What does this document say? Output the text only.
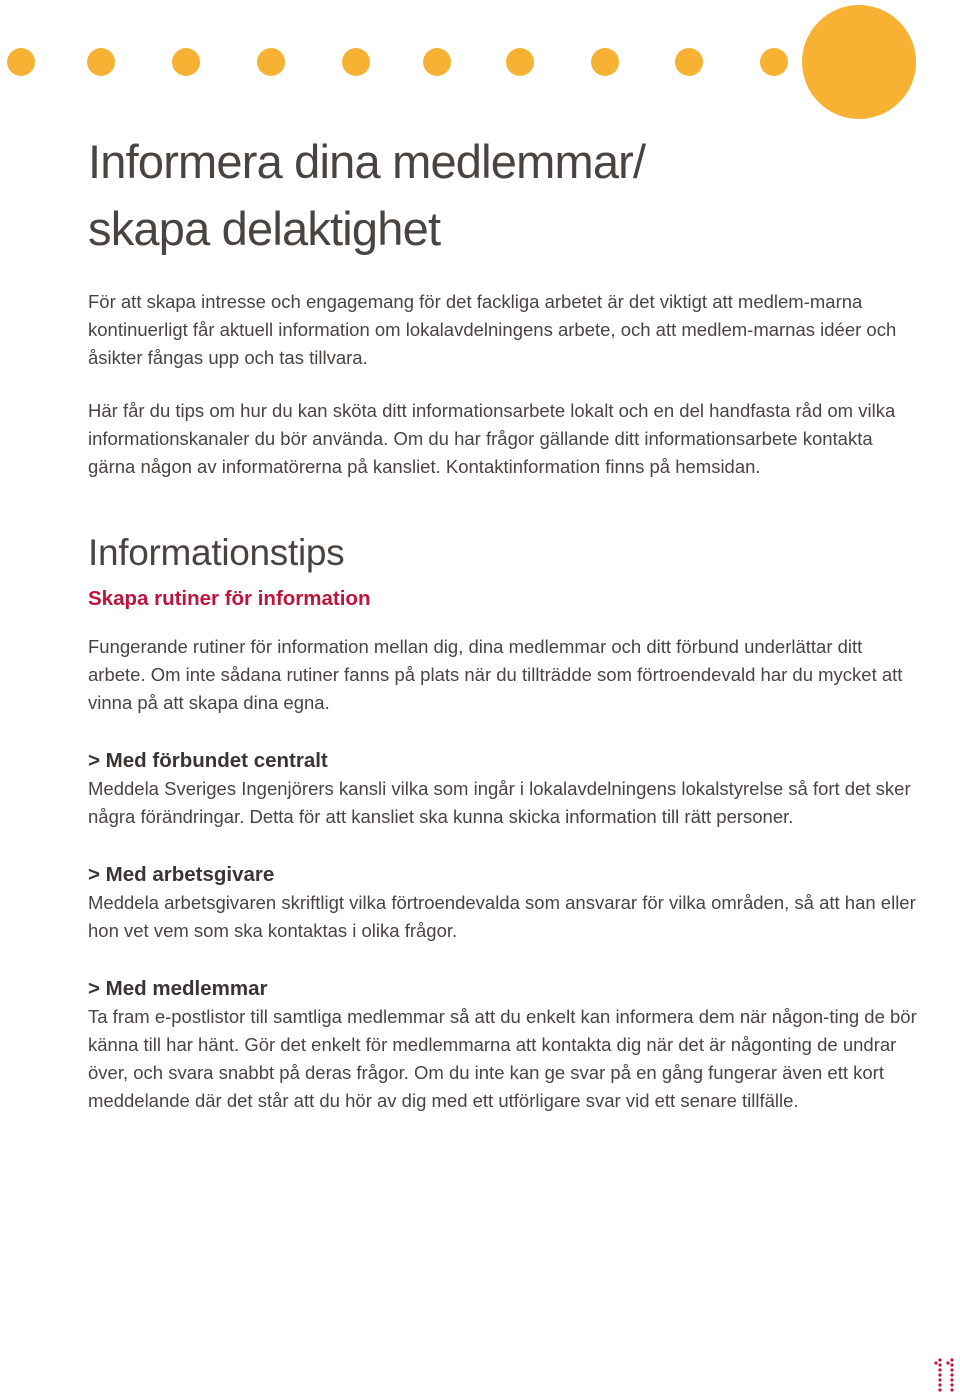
Informera dina medlemmar/
skapa delaktighet

För att skapa intresse och engagemang för det fackliga arbetet är det viktigt att medlem-marna kontinuerligt får aktuell information om lokalavdelningens arbete, och att medlem-marnas idéer och åsikter fångas upp och tas tillvara.

Här får du tips om hur du kan sköta ditt informationsarbete lokalt och en del handfasta råd om vilka informationskanaler du bör använda. Om du har frågor gällande ditt informationsarbete kontakta gärna någon av informatörerna på kansliet. Kontaktinformation finns på hemsidan.

Informationstips
Skapa rutiner för information

Fungerande rutiner för information mellan dig, dina medlemmar och ditt förbund underlättar ditt arbete. Om inte sådana rutiner fanns på plats när du tillträdde som förtroendevald har du mycket att vinna på att skapa dina egna.

> Med förbundet centralt

Meddela Sveriges Ingenjörers kansli vilka som ingår i lokalavdelningens lokalstyrelse så fort det sker några förändringar. Detta för att kansliet ska kunna skicka information till rätt personer.

> Med arbetsgivare

Meddela arbetsgivaren skriftligt vilka förtroendevalda som ansvarar för vilka områden, så att han eller hon vet vem som ska kontaktas i olika frågor.

> Med medlemmar

Ta fram e-postlistor till samtliga medlemmar så att du enkelt kan informera dem när någon-ting de bör känna till har hänt. Gör det enkelt för medlemmarna att kontakta dig när det är någonting de undrar över, och svara snabbt på deras frågor. Om du inte kan ge svar på en gång fungerar även ett kort meddelande där det står att du hör av dig med ett utförligare svar vid ett senare tillfälle.
